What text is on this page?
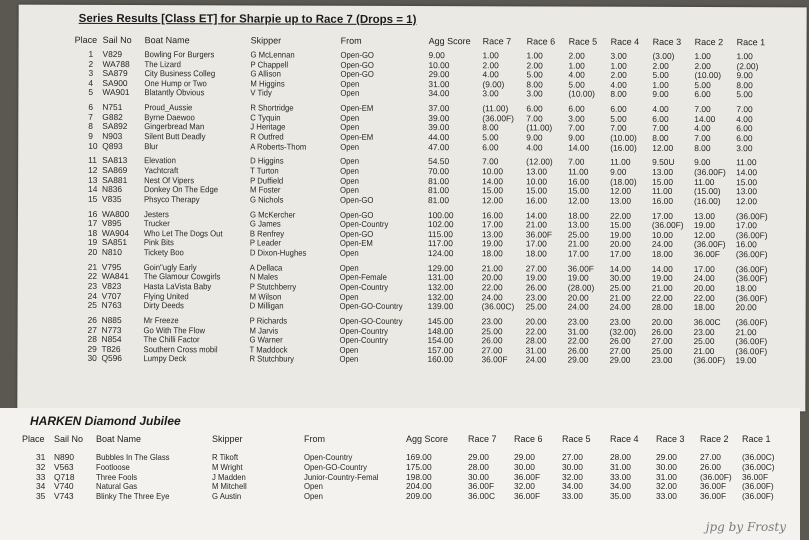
Series Results [Class ET] for Sharpie up to Race 7 (Drops = 1)
Place Sail No Boat Name	Skipper	From	Agg Score Race 7 Race 6 Race 5 Race 4 Race 3 Race 2 Race 1
1 V829	Bowling For Burgers	G McLennan	Open-GO	9.00	1.00	1.00	2.00	3.00	(3.00) 1.00	1.00
2 WA788 The Lizard	P Chappell	Open-GO	10.00	2.00	2.00	1.00	1.00	2.00	2.00	(2.00)
3 SA879 City Business Colleg	G Allison	Open-GO	29.00	4.00	5.00	4.00	2.00	5.00	(10.00) 9.00
4 SA900 One Hump or Two	M Higgins	Open	31.00	(9.00)	8.00	5.00	4.00	1.00	5.00	8.00
5 WA901 Blatantly Obvious	V Tidy	Open	34.00	3.00	3.00	(10.00) 8.00	9.00	6.00	5.00
6 N751	Proud_Aussie	R Shortridge	Open-EM	37.00	(11.00) 6.00	6.00	6.00	4.00	7.00	7.00
7 G882	Byrne Daewoo	C Tyquin	Open	39.00	(36.00F) 7.00	3.00	5.00	6.00	14.00 4.00
8 SA892 Gingerbread Man	J Heritage	Open	39.00	8.00	(11.00) 7.00	7.00	7.00	4.00	6.00
9 N903	Silent Butt Deadly	R Outfred	Open-EM	44.00	5.00	9.00	9.00	(10.00) 8.00	7.00	6.00
10 Q893	Blur	A Roberts-Thom	Open	47.00	6.00	4.00	14.00 (16.00) 12.00 8.00	3.00
11 SA813 Elevation	D Higgins	Open	54.50	7.00	(12.00) 7.00	11.00	9.50U 9.00	11.00
12 SA869 Yachtcraft	T Turton	Open	70.00	10.00	13.00 11.00	9.00	13.00 (36.00F) 14.00
13 SA881 Nest Of Vipers	P Duffield	Open	81.00	14.00	10.00 16.00 (18.00) 15.00 11.00	15.00
14 N836	Donkey On The Edge	M Foster	Open	81.00	15.00	15.00 15.00 12.00 11.00	(15.00) 13.00
15 V835	Phsyco Therapy	G Nichols	Open-GO	81.00	12.00	16.00 12.00 13.00 16.00 (16.00) 12.00
16 WA800 Jesters	G McKercher	Open-GO	100.00	16.00	14.00 18.00 22.00 17.00 13.00 (36.00F)
17 V895	Trucker	G James	Open-Country	102.00	17.00	21.00 13.00 15.00 (36.00F) 19.00 17.00
18 WA904 Who Let The Dogs Out	B Renfrey	Open-GO	115.00	13.00	36.00F 25.00 19.00 10.00 12.00 (36.00F)
19 SA851 Pink Bits	P Leader	Open-EM	117.00	19.00	17.00 21.00 20.00 24.00 (36.00F) 16.00
20 N810	Tickety Boo	D Dixon-Hughes	Open	124.00	18.00	18.00 17.00 17.00 18.00 36.00F (36.00F)
21 V795	Goin"ugly Early	A Dellaca	Open	129.00	21.00	27.00 36.00F 14.00 14.00 17.00 (36.00F)
22 WA841 The Glamour Cowgirls	N Males	Open-Female	131.00	20.00	19.00 19.00 30.00 19.00 24.00 (36.00F)
23 V823	Hasta LaVista Baby	P Stutchberry	Open-Country	132.00	22.00	26.00 (28.00) 25.00 21.00 20.00 18.00
24 V707	Flying United	M Wilson	Open	132.00	24.00	23.00 20.00 21.00 22.00 22.00 (36.00F)
25 N763	Dirty Deeds	D Milligan	Open-GO-Country	139.00	(36.00C) 25.00 24.00 24.00 28.00 18.00 20.00
26 N885	Mr Freeze	P Richards	Open-GO-Country	145.00	23.00	20.00 23.00 23.00 20.00 36.00C (36.00F)
27 N773	Go With The Flow	M Jarvis	Open-Country	148.00	25.00	22.00 31.00 (32.00) 26.00 23.00 21.00
28 N854	The Chilli Factor	G Warner	Open-Country	154.00	26.00	28.00 22.00 26.00 27.00 25.00 (36.00F)
29 T826	Southern Cross mobil	T Maddock	Open	157.00	27.00	31.00 26.00 27.00 25.00 21.00 (36.00F)
30 Q596	Lumpy Deck	R Stutchbury	Open	160.00	36.00F 24.00 29.00 29.00 23.00 (36.00F) 19.00
HARKEN Diamond Jubilee
Place Sail No Boat Name	Skipper	From	Agg Score Race 7 Race 6 Race 5 Race 4 Race 3 Race 2 Race 1
31 N890	Bubbles In The Glass	R Tikoft	Open-Country	169.00	29.00	29.00	27.00	28.00	29.00	27.00	(36.00C)
32 V563	Footloose	M Wright	Open-GO-Country	175.00	28.00	30.00	30.00	31.00	30.00	26.00	(36.00C)
33 Q718	Three Fools	J Madden	Junior-Country-Femal	198.00	30.00	36.00F	32.00	33.00	31.00	(36.00F) 36.00F
34 V740	Natural Gas	M Mitchell	Open	204.00	36.00F 32.00	34.00	34.00	32.00	36.00F (36.00F)
35 V743	Blinky The Three Eye	G Austin	Open	209.00	36.00C 36.00F	33.00	35.00	33.00	36.00F (36.00F)
jpg by Frosty
